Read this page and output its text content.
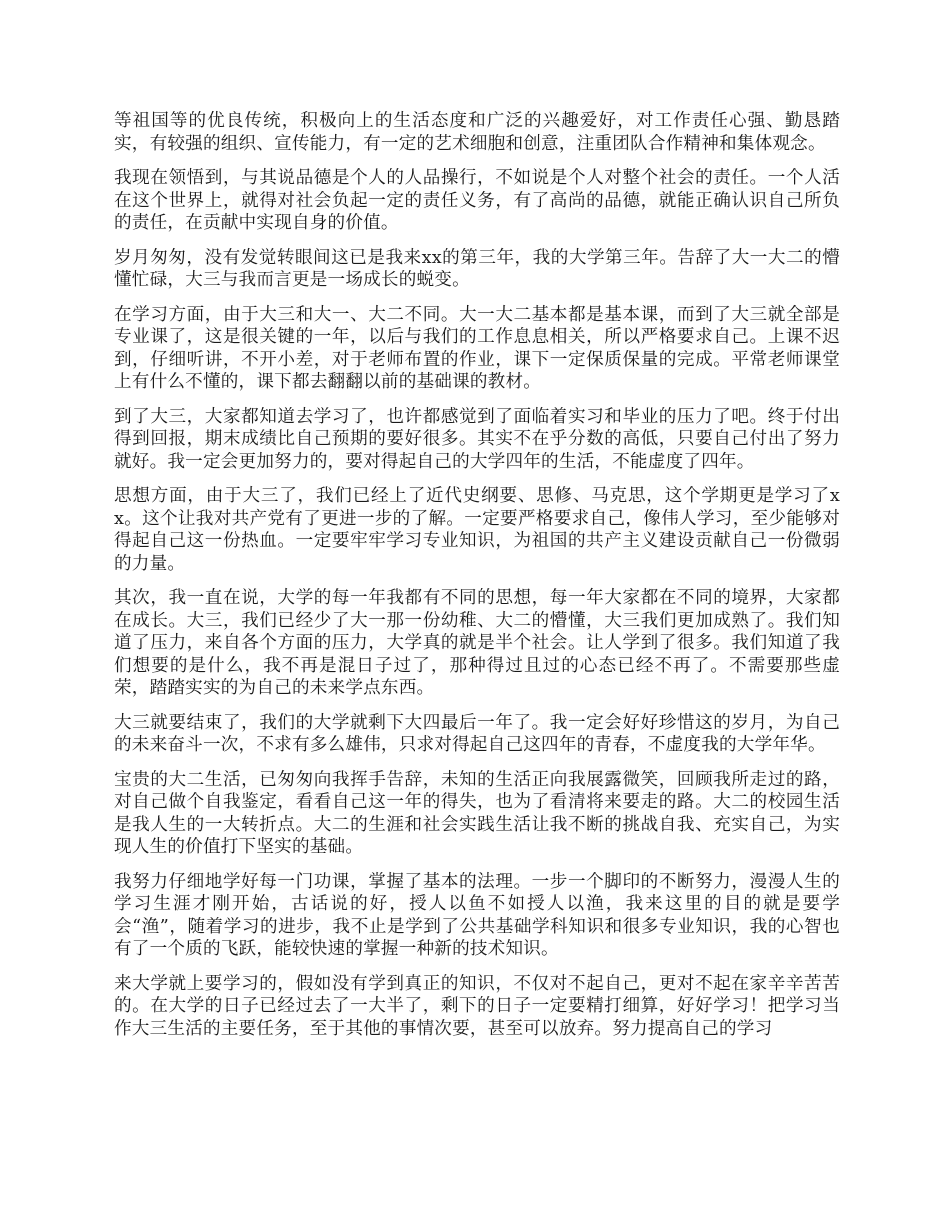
等祖国等的优良传统，积极向上的生活态度和广泛的兴趣爱好，对工作责任心强、勤恳踏实，有较强的组织、宣传能力，有一定的艺术细胞和创意，注重团队合作精神和集体观念。

我现在领悟到，与其说品德是个人的人品操行，不如说是个人对整个社会的责任。一个人活在这个世界上，就得对社会负起一定的责任义务，有了高尚的品德，就能正确认识自己所负的责任，在贡献中实现自身的价值。

岁月匆匆，没有发觉转眼间这已是我来xx的第三年，我的大学第三年。告辞了大一大二的懵懂忙碌，大三与我而言更是一场成长的蜕变。

在学习方面，由于大三和大一、大二不同。大一大二基本都是基本课，而到了大三就全部是专业课了，这是很关键的一年，以后与我们的工作息息相关，所以严格要求自己。上课不迟到，仔细听讲，不开小差，对于老师布置的作业，课下一定保质保量的完成。平常老师课堂上有什么不懂的，课下都去翻翻以前的基础课的教材。

到了大三，大家都知道去学习了，也许都感觉到了面临着实习和毕业的压力了吧。终于付出得到回报，期末成绩比自己预期的要好很多。其实不在乎分数的高低，只要自己付出了努力就好。我一定会更加努力的，要对得起自己的大学四年的生活，不能虚度了四年。

思想方面，由于大三了，我们已经上了近代史纲要、思修、马克思，这个学期更是学习了xx。这个让我对共产党有了更进一步的了解。一定要严格要求自己，像伟人学习，至少能够对得起自己这一份热血。一定要牢牢学习专业知识，为祖国的共产主义建设贡献自己一份微弱的力量。

其次，我一直在说，大学的每一年我都有不同的思想，每一年大家都在不同的境界，大家都在成长。大三，我们已经少了大一那一份幼稚、大二的懵懂，大三我们更加成熟了。我们知道了压力，来自各个方面的压力，大学真的就是半个社会。让人学到了很多。我们知道了我们想要的是什么，我不再是混日子过了，那种得过且过的心态已经不再了。不需要那些虚荣，踏踏实实的为自己的未来学点东西。

大三就要结束了，我们的大学就剩下大四最后一年了。我一定会好好珍惜这的岁月，为自己的未来奋斗一次，不求有多么雄伟，只求对得起自己这四年的青春，不虚度我的大学年华。

宝贵的大二生活，已匆匆向我挥手告辞，未知的生活正向我展露微笑，回顾我所走过的路，对自己做个自我鉴定，看看自己这一年的得失，也为了看清将来要走的路。大二的校园生活是我人生的一大转折点。大二的生涯和社会实践生活让我不断的挑战自我、充实自己，为实现人生的价值打下坚实的基础。

我努力仔细地学好每一门功课，掌握了基本的法理。一步一个脚印的不断努力，漫漫人生的学习生涯才刚开始，古话说的好，授人以鱼不如授人以渔，我来这里的目的就是要学会“渔”，随着学习的进步，我不止是学到了公共基础学科知识和很多专业知识，我的心智也有了一个质的飞跃，能较快速的掌握一种新的技术知识。

来大学就上要学习的，假如没有学到真正的知识，不仅对不起自己，更对不起在家辛辛苦苦的。在大学的日子已经过去了一大半了，剩下的日子一定要精打细算，好好学习！把学习当作大三生活的主要任务，至于其他的事情次要，甚至可以放弃。努力提高自己的学习
